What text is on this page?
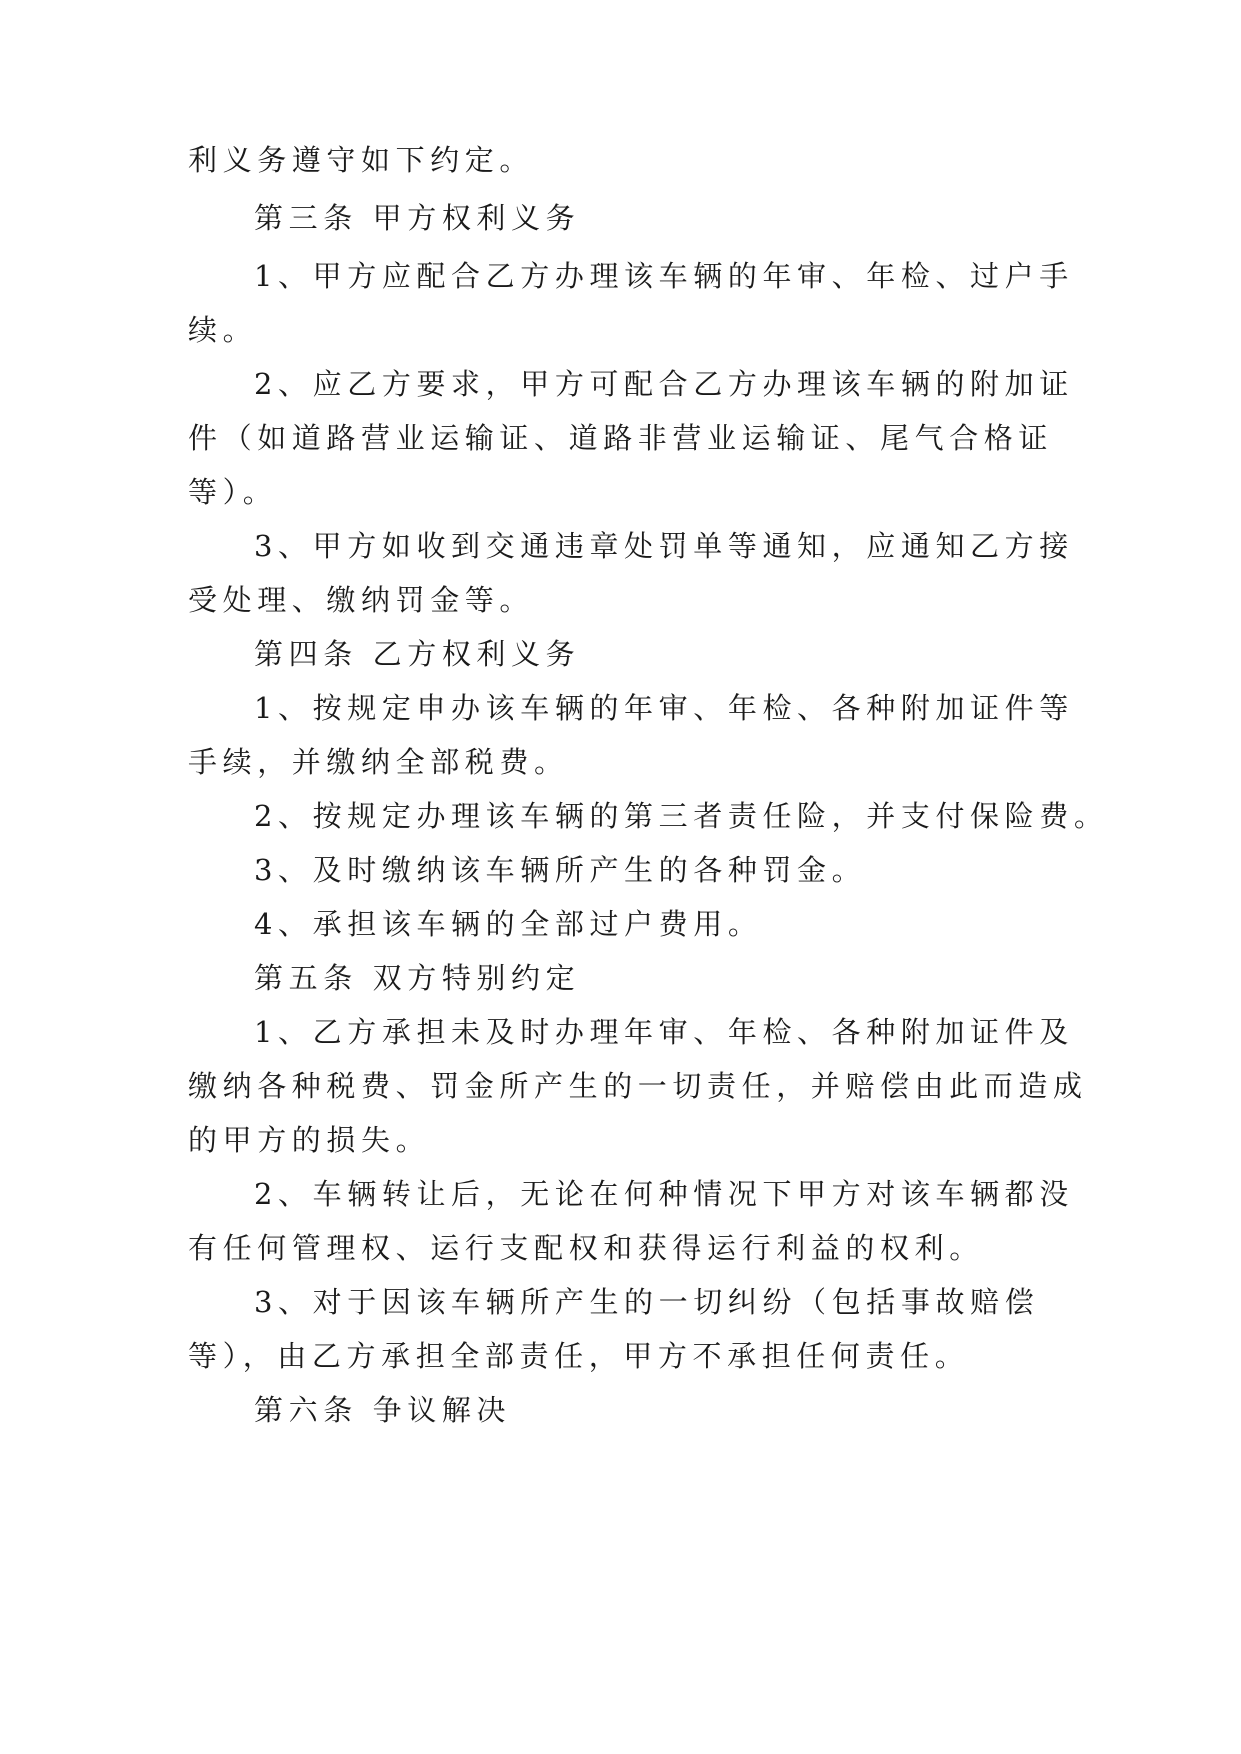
利义务遵守如下约定。
第三条 甲方权利义务
1、甲方应配合乙方办理该车辆的年审、年检、过户手
续。
2、应乙方要求，甲方可配合乙方办理该车辆的附加证
件（如道路营业运输证、道路非营业运输证、尾气合格证
等）。
3、甲方如收到交通违章处罚单等通知，应通知乙方接
受处理、缴纳罚金等。
第四条 乙方权利义务
1、按规定申办该车辆的年审、年检、各种附加证件等
手续，并缴纳全部税费。
2、按规定办理该车辆的第三者责任险，并支付保险费。
3、及时缴纳该车辆所产生的各种罚金。
4、承担该车辆的全部过户费用。
第五条 双方特别约定
1、乙方承担未及时办理年审、年检、各种附加证件及
缴纳各种税费、罚金所产生的一切责任，并赔偿由此而造成
的甲方的损失。
2、车辆转让后，无论在何种情况下甲方对该车辆都没
有任何管理权、运行支配权和获得运行利益的权利。
3、对于因该车辆所产生的一切纠纷（包括事故赔偿
等），由乙方承担全部责任，甲方不承担任何责任。
第六条 争议解决
